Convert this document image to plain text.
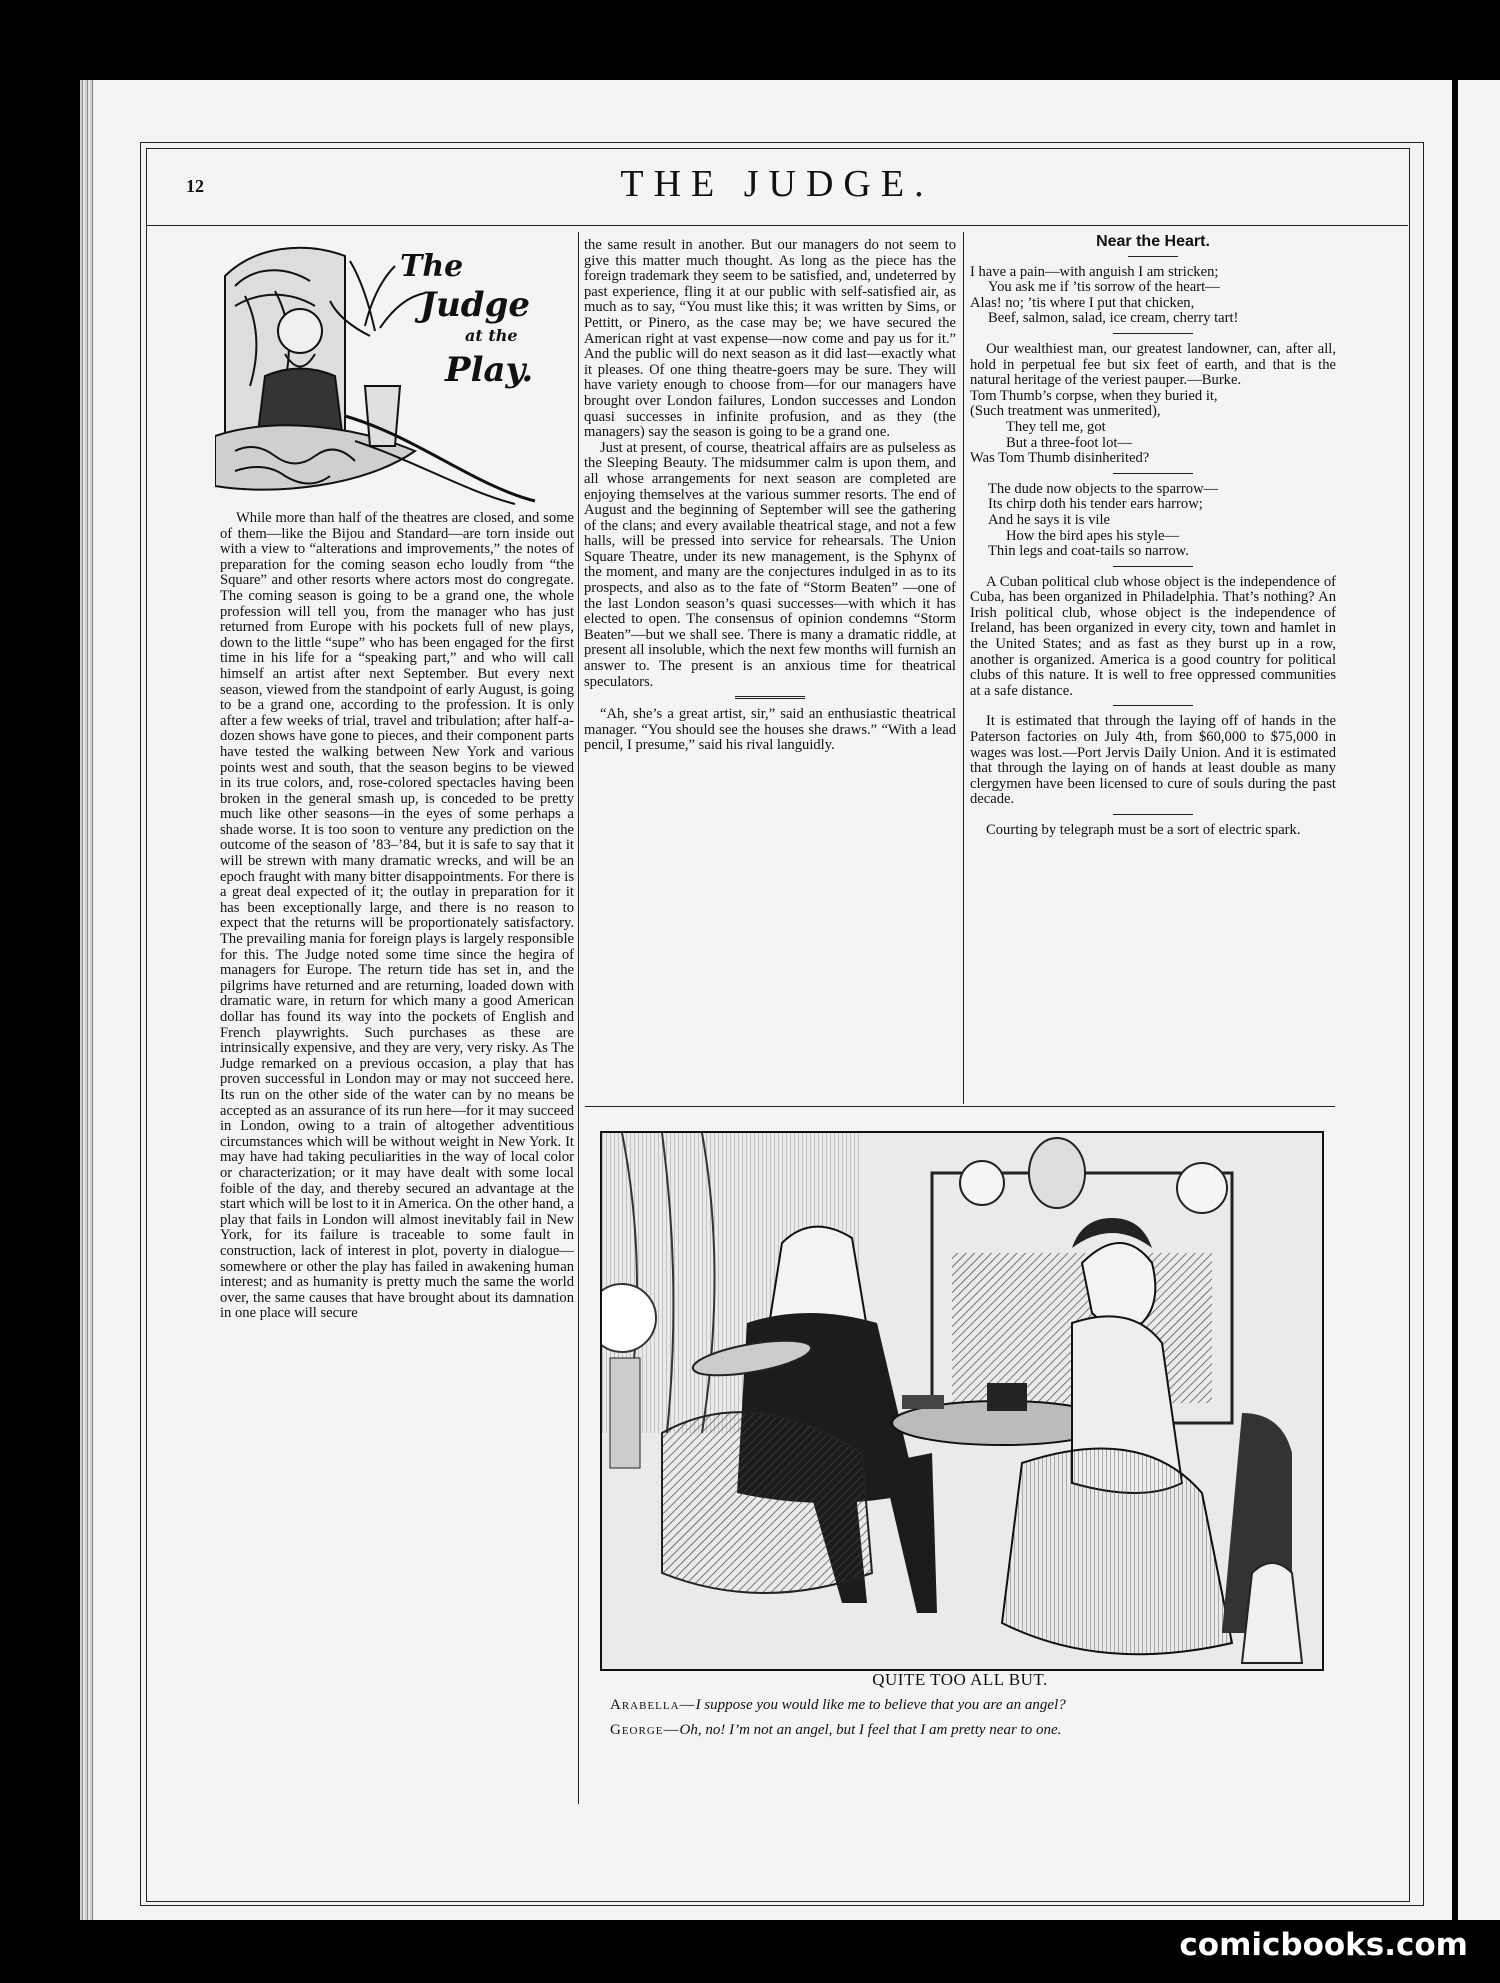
12	THE JUDGE.
The
Judge
at the
Play.

While more than half of the theatres are closed, and some of them—like the Bijou and Standard—are torn inside out with a view to “alterations and improvements,” the notes of preparation for the coming season echo loudly from “the Square” and other resorts where actors most do congregate. The coming season is going to be a grand one, the whole profession will tell you, from the manager who has just returned from Europe with his pockets full of new plays, down to the little “supe” who has been engaged for the first time in his life for a “speaking part,” and who will call himself an artist after next September. But every next season, viewed from the standpoint of early August, is going to be a grand one, according to the profession. It is only after a few weeks of trial, travel and tribulation; after half-a-dozen shows have gone to pieces, and their component parts have tested the walking between New York and various points west and south, that the season begins to be viewed in its true colors, and, rose-colored spectacles having been broken in the general smash up, is conceded to be pretty much like other seasons—in the eyes of some perhaps a shade worse. It is too soon to venture any prediction on the outcome of the season of ’83–’84, but it is safe to say that it will be strewn with many dramatic wrecks, and will be an epoch fraught with many bitter disappointments. For there is a great deal expected of it; the outlay in preparation for it has been exceptionally large, and there is no reason to expect that the returns will be proportionately satisfactory. The prevailing mania for foreign plays is largely responsible for this. The Judge noted some time since the hegira of managers for Europe. The return tide has set in, and the pilgrims have returned and are returning, loaded down with dramatic ware, in return for which many a good American dollar has found its way into the pockets of English and French playwrights. Such purchases as these are intrinsically expensive, and they are very, very risky. As The Judge remarked on a previous occasion, a play that has proven successful in London may or may not succeed here. Its run on the other side of the water can by no means be accepted as an assurance of its run here—for it may succeed in London, owing to a train of altogether adventitious circumstances which will be without weight in New York. It may have had taking peculiarities in the way of local color or characterization; or it may have dealt with some local foible of the day, and thereby secured an advantage at the start which will be lost to it in America. On the other hand, a play that fails in London will almost inevitably fail in New York, for its failure is traceable to some fault in construction, lack of interest in plot, poverty in dialogue—somewhere or other the play has failed in awakening human interest; and as humanity is pretty much the same the world over, the same causes that have brought about its damnation in one place will secure

the same result in another. But our managers do not seem to give this matter much thought. As long as the piece has the foreign trademark they seem to be satisfied, and, undeterred by past experience, fling it at our public with self-satisfied air, as much as to say, “You must like this; it was written by Sims, or Pettitt, or Pinero, as the case may be; we have secured the American right at vast expense—now come and pay us for it.” And the public will do next season as it did last—exactly what it pleases. Of one thing theatre-goers may be sure. They will have variety enough to choose from—for our managers have brought over London failures, London successes and London quasi successes in infinite profusion, and as they (the managers) say the season is going to be a grand one.

Just at present, of course, theatrical affairs are as pulseless as the Sleeping Beauty. The midsummer calm is upon them, and all whose arrangements for next season are completed are enjoying themselves at the various summer resorts. The end of August and the beginning of September will see the gathering of the clans; and every available theatrical stage, and not a few halls, will be pressed into service for rehearsals. The Union Square Theatre, under its new management, is the Sphynx of the moment, and many are the conjectures indulged in as to its prospects, and also as to the fate of “Storm Beaten” —one of the last London season’s quasi successes—with which it has elected to open. The consensus of opinion condemns “Storm Beaten”—but we shall see. There is many a dramatic riddle, at present all insoluble, which the next few months will furnish an answer to. The present is an anxious time for theatrical speculators.

“Ah, she’s a great artist, sir,” said an enthusiastic theatrical manager. “You should see the houses she draws.” “With a lead pencil, I presume,” said his rival languidly.

Near the Heart.
I have a pain—with anguish I am stricken;
You ask me if ’tis sorrow of the heart—
Alas! no; ’tis where I put that chicken,
Beef, salmon, salad, ice cream, cherry tart!

Our wealthiest man, our greatest landowner, can, after all, hold in perpetual fee but six feet of earth, and that is the natural heritage of the veriest pauper.—Burke.

Tom Thumb’s corpse, when they buried it,
(Such treatment was unmerited),
They tell me, got
But a three-foot lot—
Was Tom Thumb disinherited?
The dude now objects to the sparrow—
Its chirp doth his tender ears harrow;
And he says it is vile
How the bird apes his style—
Thin legs and coat-tails so narrow.

A Cuban political club whose object is the independence of Cuba, has been organized in Philadelphia. That’s nothing? An Irish political club, whose object is the independence of Ireland, has been organized in every city, town and hamlet in the United States; and as fast as they burst up in a row, another is organized. America is a good country for political clubs of this nature. It is well to free oppressed communities at a safe distance.

It is estimated that through the laying off of hands in the Paterson factories on July 4th, from $60,000 to $75,000 in wages was lost.—Port Jervis Daily Union. And it is estimated that through the laying on of hands at least double as many clergymen have been licensed to cure of souls during the past decade.

Courting by telegraph must be a sort of electric spark.

QUITE TOO ALL BUT.
Arabella—I suppose you would like me to believe that you are an angel?
George—Oh, no! I’m not an angel, but I feel that I am pretty near to one.
comicbooks.com
